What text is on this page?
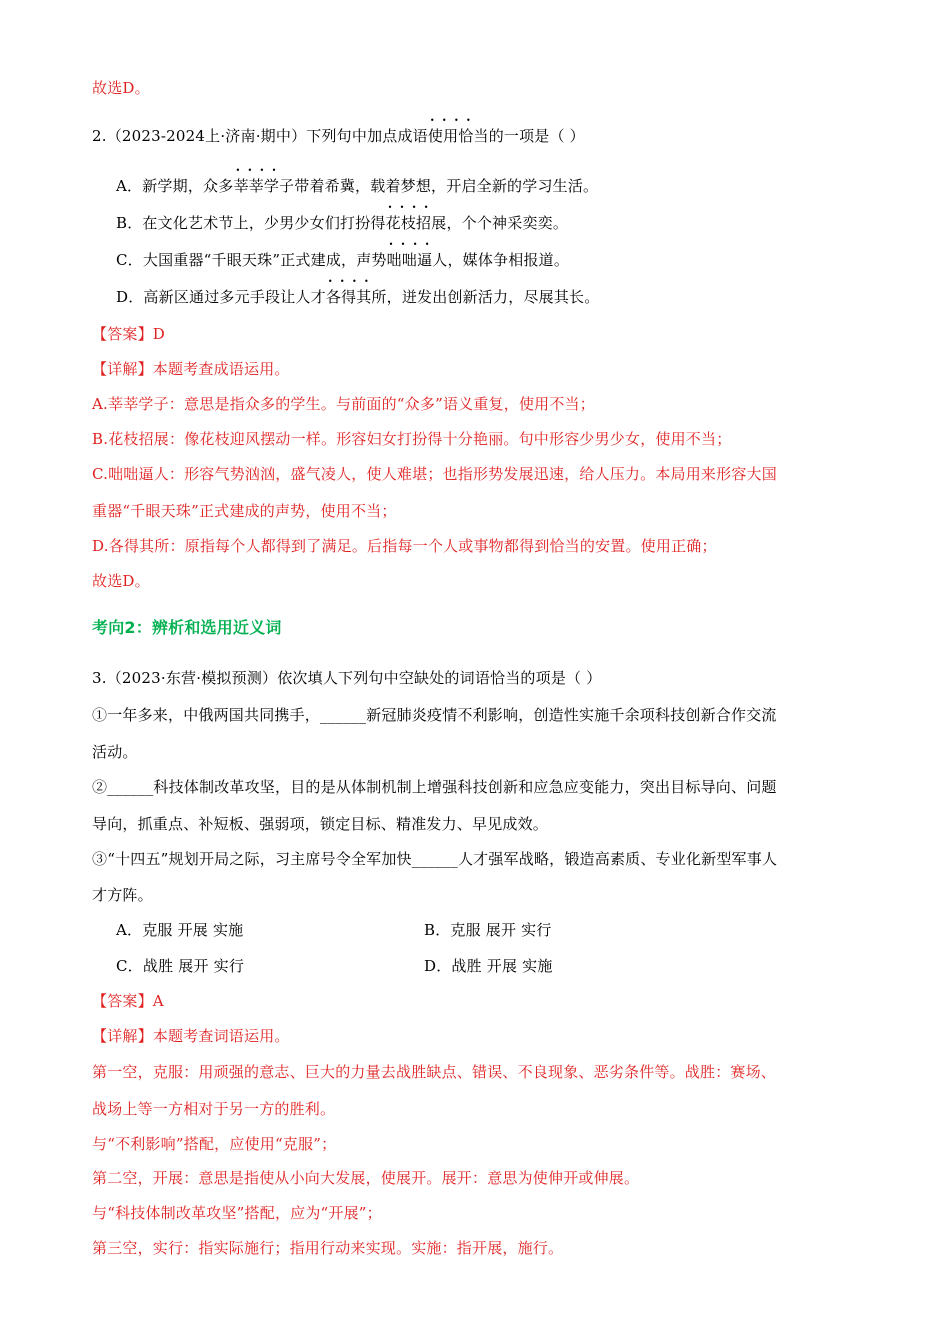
故选D。
2.（2023-2024上·济南·期中）下列句中加点成语• • • • 使用恰当的一项是（ ）
A．新学期，众多• • • • 莘莘学子带着希冀，载着梦想，开启全新的学习生活。
B．在文化艺术节上，少男少女们打扮得• • • • 花枝招展，个个神采奕奕。
C．大国重器“千眼天珠”正式建成，声势• • • • 咄咄逼人，媒体争相报道。
D．高新区通过多元手段让人才• • • • 各得其所，迸发出创新活力，尽展其长。
【答案】D
【详解】本题考查成语运用。
A.莘莘学子：意思是指众多的学生。与前面的“众多”语义重复，使用不当；
B.花枝招展：像花枝迎风摆动一样。形容妇女打扮得十分艳丽。句中形容少男少女，使用不当；
C.咄咄逼人：形容气势汹汹，盛气凌人，使人难堪；也指形势发展迅速，给人压力。本局用来形容大国
重器“千眼天珠”正式建成的声势，使用不当；
D.各得其所：原指每个人都得到了满足。后指每一个人或事物都得到恰当的安置。使用正确；
故选D。
考向2：辨析和选用近义词
3.（2023·东营·模拟预测）依次填人下列句中空缺处的词语恰当的项是（ ）
①一年多来，中俄两国共同携手，______新冠肺炎疫情不利影响，创造性实施千余项科技创新合作交流
活动。
②______科技体制改革攻坚，目的是从体制机制上增强科技创新和应急应变能力，突出目标导向、问题
导向，抓重点、补短板、强弱项，锁定目标、精准发力、早见成效。
③“十四五”规划开局之际，习主席号令全军加快______人才强军战略，锻造高素质、专业化新型军事人
才方阵。
A．克服 开展 实施	B．克服 展开 实行
C．战胜 展开 实行	D．战胜 开展 实施
【答案】A
【详解】本题考查词语运用。
第一空，克服：用顽强的意志、巨大的力量去战胜缺点、错误、不良现象、恶劣条件等。战胜：赛场、
战场上等一方相对于另一方的胜利。
与“不利影响”搭配，应使用“克服”；
第二空，开展：意思是指使从小向大发展，使展开。展开：意思为使伸开或伸展。
与“科技体制改革攻坚”搭配，应为“开展”；
第三空，实行：指实际施行；指用行动来实现。实施：指开展，施行。
